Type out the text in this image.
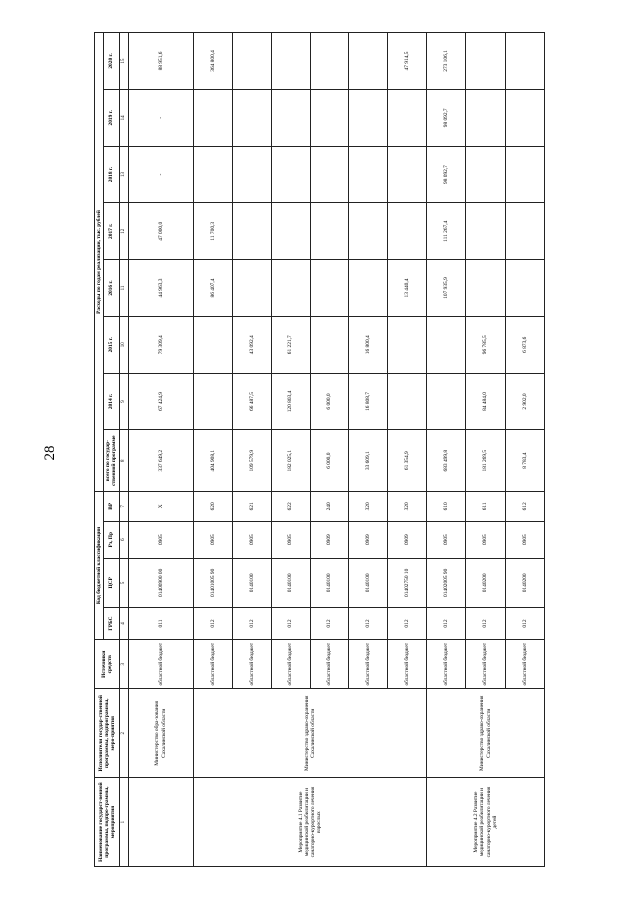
28
Наименование государст-венной программы, подпро-граммы, мероприятия	Исполнители государ-ственной программы, подпрограммы, меро-приятия	Источники средств	Код бюджетной классификации				Расходы по годам реализации, тыс. рублей							
			ГРБС	ЦСР	Рз, Пр	ВР	всего по государ-ственной программе	2014 г.	2015 г.	2016 г.	2017 г.	2018 г.	2019 г.	2020 г.
1	2	3	4	5	6	7	8	9	10	11	12	13	14	15
	Министерство обра-зования Сахалинской области	областной бюджет	011	01400900 00	0905	X	337 649,2	67 424,9	79 309,4	44 963,3	47 000,0	-	-	88 951,6
Мероприятие 4.1 Развитие медицинской реабилитации и санаторно-курортного лечения взрослых	Министерство здраво-охранения Сахалинской области	областной бюджет	012	01401005 90	0905	620	404 908,1			86 407,4	11 700,3			364 800,4
		областной бюджет	012	0140100	0905	621	109 579,9	66 487,5	43 092,4					
		областной бюджет	012	0140100	0905	622	182 025,1	120 803,4	61 221,7					
		областной бюджет	012	0140100	0909	240	6 000,0	6 000,0						
		областной бюджет	012	0140100	0909	320	33 609,1	16 808,7	16 800,4					
		областной бюджет	012	01402750 10	0909	320	61 354,9			13 440,4				47 914,5
Мероприятие 4.2 Развитие медицинской реабилитации и санаторно-курортного лечения детей	Министерство здраво-охранения Сахалинской области	областной бюджет	012	01402005 90	0905	610	683 499,8			107 935,9	111 267,4	98 092,7	98 092,7	273 106,1
		областной бюджет	012	0140200	0905	611	181 269,5	84 484,0	96 785,5					
		областной бюджет	012	0140200	0905	612	8 783,4	2 902,0	6 873,6					
